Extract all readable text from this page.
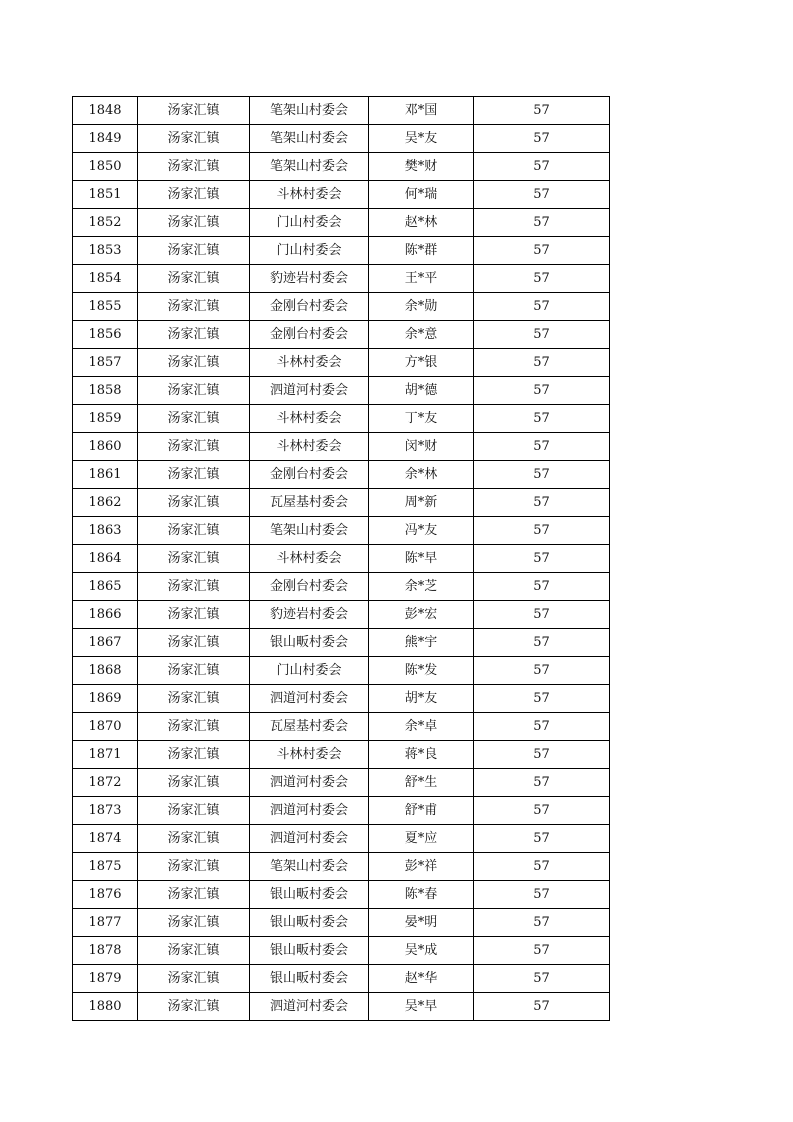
1848	汤家汇镇	笔架山村委会	邓*国	57
1849	汤家汇镇	笔架山村委会	吴*友	57
1850	汤家汇镇	笔架山村委会	樊*财	57
1851	汤家汇镇	斗林村委会	何*瑞	57
1852	汤家汇镇	门山村委会	赵*林	57
1853	汤家汇镇	门山村委会	陈*群	57
1854	汤家汇镇	豹迹岩村委会	王*平	57
1855	汤家汇镇	金刚台村委会	余*勋	57
1856	汤家汇镇	金刚台村委会	余*意	57
1857	汤家汇镇	斗林村委会	方*银	57
1858	汤家汇镇	泗道河村委会	胡*德	57
1859	汤家汇镇	斗林村委会	丁*友	57
1860	汤家汇镇	斗林村委会	闵*财	57
1861	汤家汇镇	金刚台村委会	余*林	57
1862	汤家汇镇	瓦屋基村委会	周*新	57
1863	汤家汇镇	笔架山村委会	冯*友	57
1864	汤家汇镇	斗林村委会	陈*早	57
1865	汤家汇镇	金刚台村委会	余*芝	57
1866	汤家汇镇	豹迹岩村委会	彭*宏	57
1867	汤家汇镇	银山畈村委会	熊*宇	57
1868	汤家汇镇	门山村委会	陈*发	57
1869	汤家汇镇	泗道河村委会	胡*友	57
1870	汤家汇镇	瓦屋基村委会	余*卓	57
1871	汤家汇镇	斗林村委会	蒋*良	57
1872	汤家汇镇	泗道河村委会	舒*生	57
1873	汤家汇镇	泗道河村委会	舒*甫	57
1874	汤家汇镇	泗道河村委会	夏*应	57
1875	汤家汇镇	笔架山村委会	彭*祥	57
1876	汤家汇镇	银山畈村委会	陈*春	57
1877	汤家汇镇	银山畈村委会	晏*明	57
1878	汤家汇镇	银山畈村委会	吴*成	57
1879	汤家汇镇	银山畈村委会	赵*华	57
1880	汤家汇镇	泗道河村委会	吴*早	57
